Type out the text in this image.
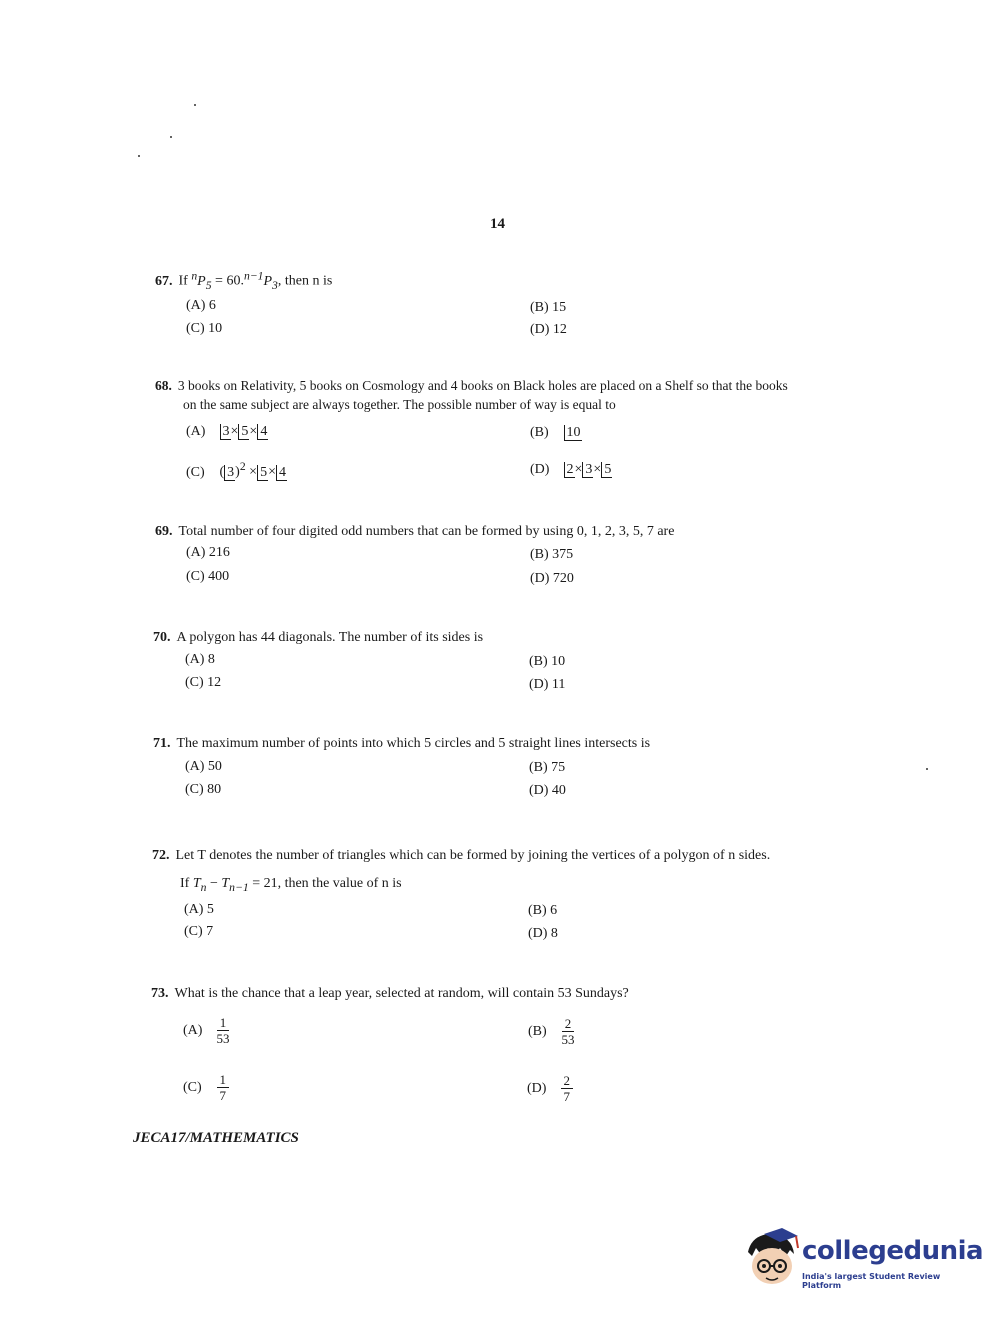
14
67. If $^nP_5 = 60.^{n-1}P_3$, then n is
(A) 6	(B) 15
(C) 10	(D) 12
68. 3 books on Relativity, 5 books on Cosmology and 4 books on Black holes are placed on a Shelf so that the books
on the same subject are always together. The possible number of way is equal to
(A) 3× 5× 4	(B) 10
(C) ( 3)$^2$ × 5× 4	(D) 2× 3× 5
69. Total number of four digited odd numbers that can be formed by using 0, 1, 2, 3, 5, 7 are
(A) 216	(B) 375
(C) 400	(D) 720
70. A polygon has 44 diagonals. The number of its sides is
(A) 8	(B) 10
(C) 12	(D) 11
71. The maximum number of points into which 5 circles and 5 straight lines intersects is
(A) 50	(B) 75
(C) 80	(D) 40
72. Let T denotes the number of triangles which can be formed by joining the vertices of a polygon of n sides.
If $T_n - T_{n-1} = 21$, then the value of n is
(A) 5	(B) 6
(C) 7	(D) 8
73. What is the chance that a leap year, selected at random, will contain 53 Sundays?
$(A) \frac{1}{53}$	$(B) \frac{2}{53}$
$(C) \frac{1}{7}$	$(D) \frac{2}{7}$
JECA17/MATHEMATICS
collegedunia
India's largest Student Review Platform
